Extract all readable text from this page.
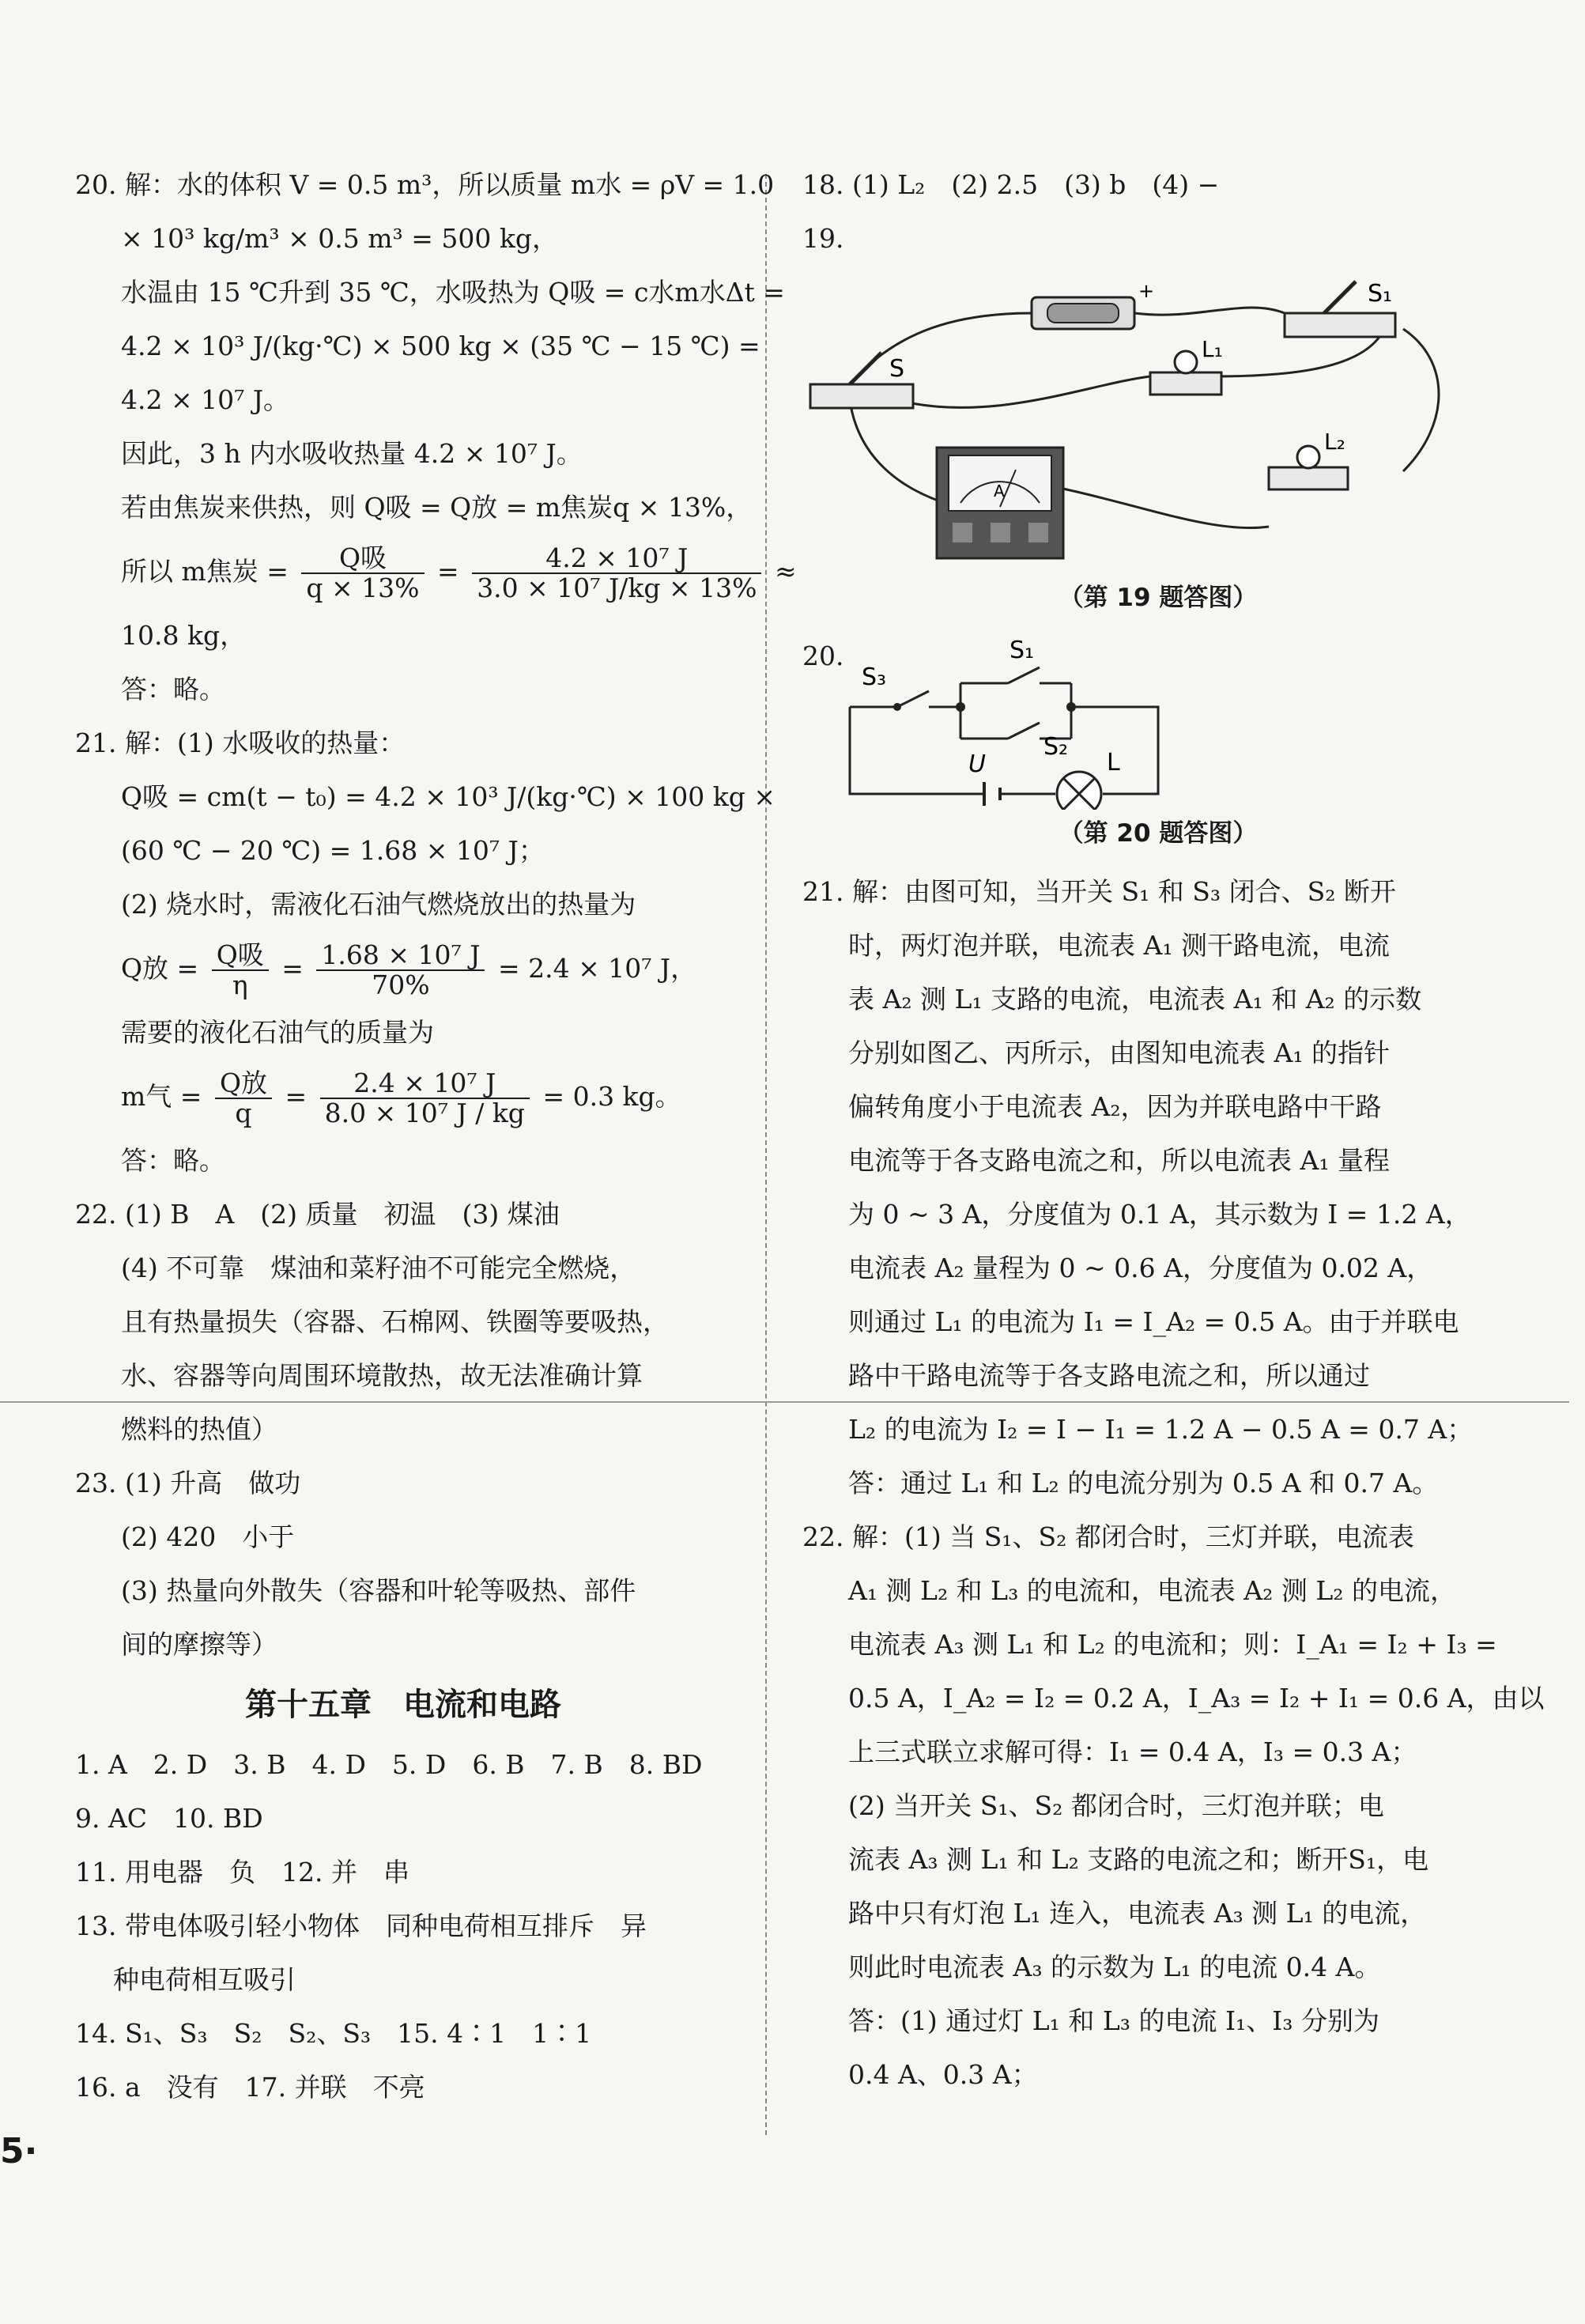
20. 解：水的体积 V = 0.5 m³，所以质量 m水 = ρV = 1.0
× 10³ kg/m³ × 0.5 m³ = 500 kg，
水温由 15 ℃升到 35 ℃，水吸热为 Q吸 = c水m水Δt =
4.2 × 10³ J/(kg·℃) × 500 kg × (35 ℃ − 15 ℃) =
4.2 × 10⁷ J。
因此，3 h 内水吸收热量 4.2 × 10⁷ J。
若由焦炭来供热，则 Q吸 = Q放 = m焦炭q × 13%，
所以 m焦炭 = $\frac{\text{Q吸}}{q \times 13\%} = \frac{\text{4.2 × 10⁷ J}}{\text{3.0 × 10⁷ J/kg × 13\%}}$ ≈
10.8 kg，
答：略。
21. 解：(1) 水吸收的热量：
Q吸 = cm(t − t₀) = 4.2 × 10³ J/(kg·℃) × 100 kg ×
(60 ℃ − 20 ℃) = 1.68 × 10⁷ J；
(2) 烧水时，需液化石油气燃烧放出的热量为
Q放 = $\frac{\text{Q吸}}{\eta} = \frac{\text{1.68 × 10⁷ J}}{70\%} = 2.4 \times 10^7$ J，
需要的液化石油气的质量为
m气 = $\frac{\text{Q放}}{q} = \frac{\text{2.4 × 10⁷ J}}{\text{8.0 × 10⁷ J / kg}} = 0.3$ kg。
答：略。
22. (1) B　A　(2) 质量　初温　(3) 煤油
(4) 不可靠　煤油和菜籽油不可能完全燃烧，
且有热量损失（容器、石棉网、铁圈等要吸热，
水、容器等向周围环境散热，故无法准确计算
燃料的热值）
23. (1) 升高　做功
(2) 420　小于
(3) 热量向外散失（容器和叶轮等吸热、部件
间的摩擦等）
第十五章　电流和电路
1. A　2. D　3. B　4. D　5. D　6. B　7. B　8. BD
9. AC　10. BD
11. 用电器　负　12. 并　串
13. 带电体吸引轻小物体　同种电荷相互排斥　异
种电荷相互吸引
14. S₁、S₃　S₂　S₂、S₃　15. 4∶1　1∶1
16. a　没有　17. 并联　不亮
18. (1) L₂　(2) 2.5　(3) b　(4) −
19.
+
S
S₁
L₁
L₂
A
（第 19 题答图）
20.
S₃
S₁
S₂
U	L
（第 20 题答图）
21. 解：由图可知，当开关 S₁ 和 S₃ 闭合、S₂ 断开
时，两灯泡并联，电流表 A₁ 测干路电流，电流
表 A₂ 测 L₁ 支路的电流，电流表 A₁ 和 A₂ 的示数
分别如图乙、丙所示，由图知电流表 A₁ 的指针
偏转角度小于电流表 A₂，因为并联电路中干路
电流等于各支路电流之和，所以电流表 A₁ 量程
为 0 ~ 3 A，分度值为 0.1 A，其示数为 I = 1.2 A，
电流表 A₂ 量程为 0 ~ 0.6 A，分度值为 0.02 A，
则通过 L₁ 的电流为 I₁ = I_A₂ = 0.5 A。由于并联电
路中干路电流等于各支路电流之和，所以通过
L₂ 的电流为 I₂ = I − I₁ = 1.2 A − 0.5 A = 0.7 A；
答：通过 L₁ 和 L₂ 的电流分别为 0.5 A 和 0.7 A。
22. 解：(1) 当 S₁、S₂ 都闭合时，三灯并联，电流表
A₁ 测 L₂ 和 L₃ 的电流和，电流表 A₂ 测 L₂ 的电流，
电流表 A₃ 测 L₁ 和 L₂ 的电流和；则：I_A₁ = I₂ + I₃ =
0.5 A，I_A₂ = I₂ = 0.2 A，I_A₃ = I₂ + I₁ = 0.6 A，由以
上三式联立求解可得：I₁ = 0.4 A，I₃ = 0.3 A；
(2) 当开关 S₁、S₂ 都闭合时，三灯泡并联；电
流表 A₃ 测 L₁ 和 L₂ 支路的电流之和；断开S₁，电
路中只有灯泡 L₁ 连入，电流表 A₃ 测 L₁ 的电流，
则此时电流表 A₃ 的示数为 L₁ 的电流 0.4 A。
答：(1) 通过灯 L₁ 和 L₃ 的电流 I₁、I₃ 分别为
0.4 A、0.3 A；
5·
